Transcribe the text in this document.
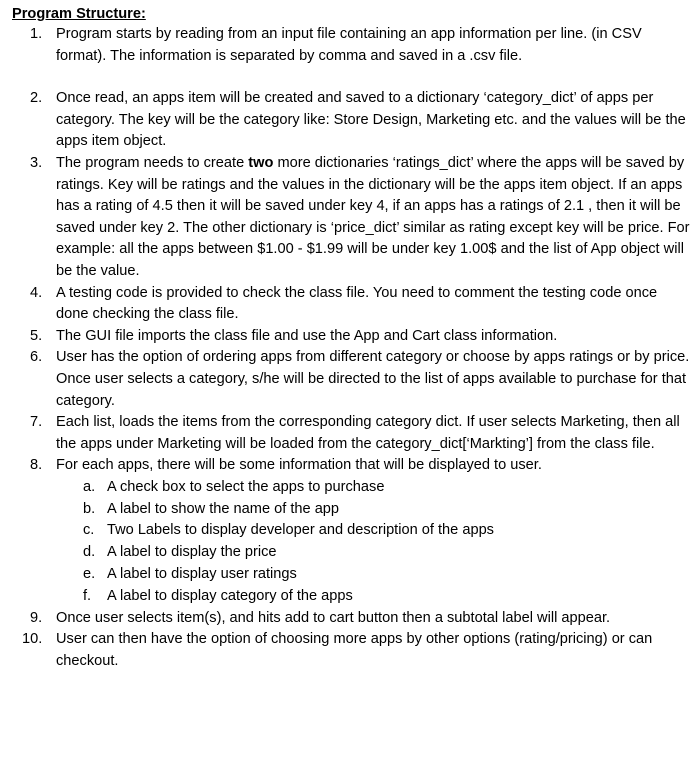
Program Structure:
1. Program starts by reading from an input file containing an app information per line. (in CSV format). The information is separated by comma and saved in a .csv file.
2. Once read, an apps item will be created and saved to a dictionary ‘category_dict’ of apps per category. The key will be the category like: Store Design, Marketing etc. and the values will be the apps item object.
3. The program needs to create two more dictionaries ‘ratings_dict’ where the apps will be saved by ratings. Key will be ratings and the values in the dictionary will be the apps item object. If an apps has a rating of 4.5 then it will be saved under key 4, if an apps has a ratings of 2.1 , then it will be saved under key 2. The other dictionary is ‘price_dict’ similar as rating except key will be price. For example: all the apps between $1.00 - $1.99 will be under key 1.00$ and the list of App object will be the value.
4. A testing code is provided to check the class file. You need to comment the testing code once done checking the class file.
5. The GUI file imports the class file and use the App and Cart class information.
6. User has the option of ordering apps from different category or choose by apps ratings or by price. Once user selects a category, s/he will be directed to the list of apps available to purchase for that category.
7. Each list, loads the items from the corresponding category dict. If user selects Marketing, then all the apps under Marketing will be loaded from the category_dict[‘Markting’] from the class file.
8. For each apps, there will be some information that will be displayed to user.
a. A check box to select the apps to purchase
b. A label to show the name of the app
c. Two Labels to display developer and description of the apps
d. A label to display the price
e. A label to display user ratings
f.	A label to display category of the apps
9. Once user selects item(s), and hits add to cart button then a subtotal label will appear.
10. User can then have the option of choosing more apps by other options (rating/pricing) or can checkout.
